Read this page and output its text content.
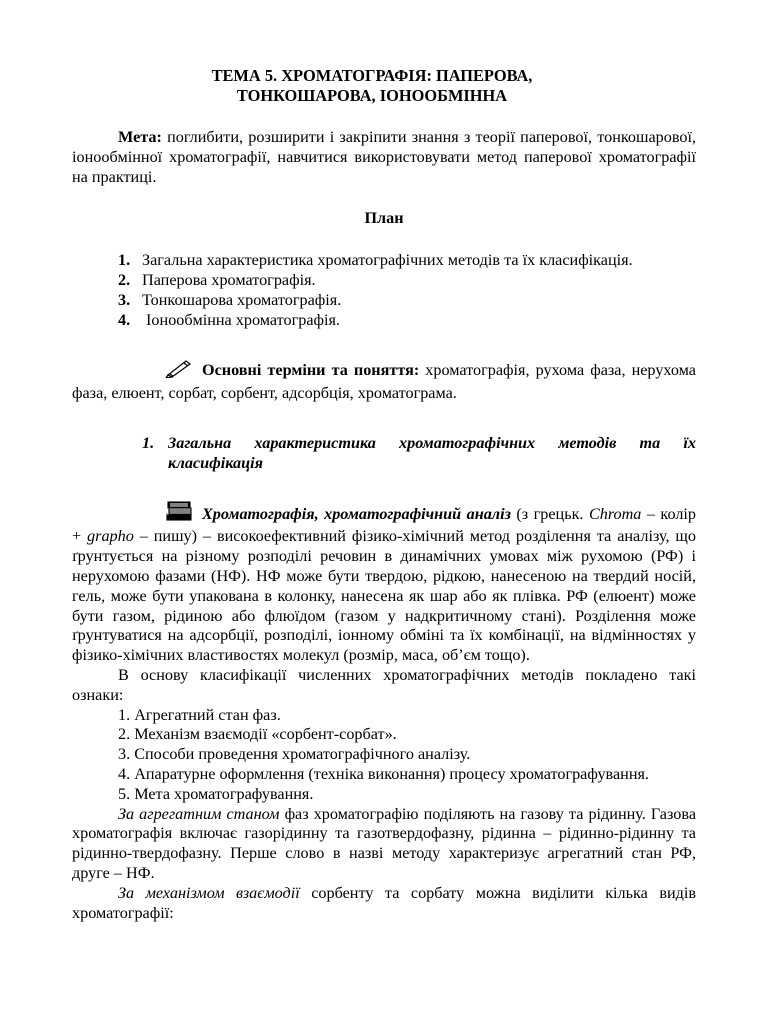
ТЕМА 5. ХРОМАТОГРАФІЯ: ПАПЕРОВА,
ТОНКОШАРОВА, ІОНООБМІННА
Мета: поглибити, розширити і закріпити знання з теорії паперової, тонкошарової, іонообмінної хроматографії, навчитися використовувати метод паперової хроматографії на практиці.
План
1. Загальна характеристика хроматографічних методів та їх класифікація.
2. Паперова хроматографія.
3. Тонкошарова хроматографія.
4. Іонообмінна хроматографія.
Основні терміни та поняття: хроматографія, рухома фаза, нерухома фаза, елюент, сорбат, сорбент, адсорбція, хроматограма.
1. Загальна характеристика хроматографічних методів та їх
класифікація
Хроматографія, хроматографічний аналіз (з грецьк. Chroma – колір + grapho – пишу) – високоефективний фізико-хімічний метод розділення та аналізу, що ґрунтується на різному розподілі речовин в динамічних умовах між рухомою (РФ) і нерухомою фазами (НФ). НФ може бути твердою, рідкою, нанесеною на твердий носій, гель, може бути упакована в колонку, нанесена як шар або як плівка. РФ (елюент) може бути газом, рідиною або флюїдом (газом у надкритичному стані). Розділення може ґрунтуватися на адсорбції, розподілі, іонному обміні та їх комбінації, на відмінностях у фізико-хімічних властивостях молекул (розмір, маса, об’єм тощо).
В основу класифікації численних хроматографічних методів покладено такі ознаки:
1. Агрегатний стан фаз.
2. Механізм взаємодії «сорбент-сорбат».
3. Способи проведення хроматографічного аналізу.
4. Апаратурне оформлення (техніка виконання) процесу хроматографування.
5. Мета хроматографування.
За агрегатним станом фаз хроматографію поділяють на газову та рідинну. Газова хроматографія включає газорідинну та газотвердофазну, рідинна – рідинно-рідинну та рідинно-твердофазну. Перше слово в назві методу характеризує агрегатний стан РФ, друге – НФ.
За механізмом взаємодії сорбенту та сорбату можна виділити кілька видів хроматографії:
